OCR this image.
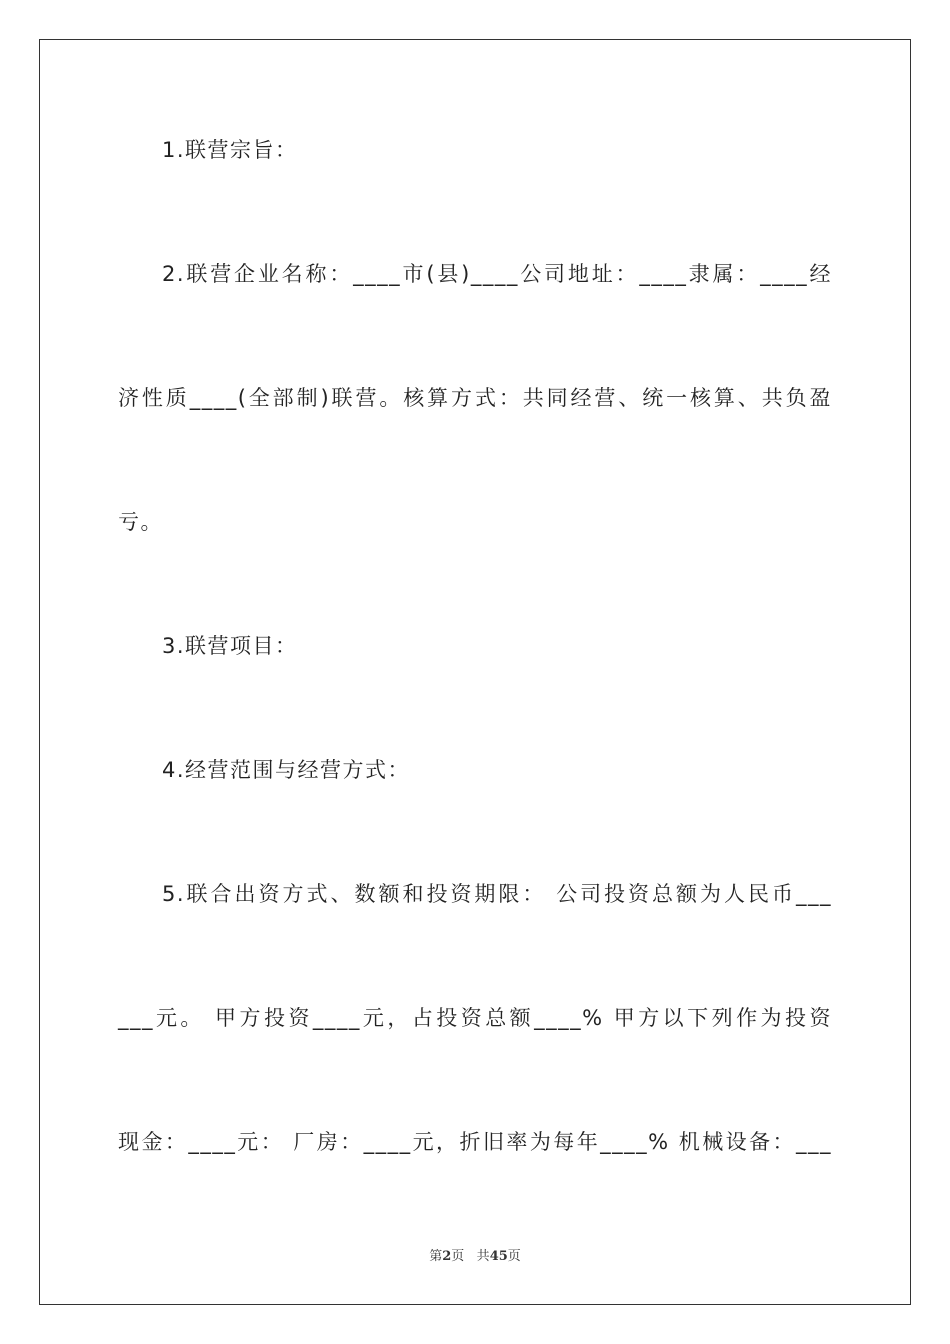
1.联营宗旨：
2.联营企业名称：____市(县)____公司地址：____隶属：____经
济性质____(全部制)联营。核算方式：共同经营、统一核算、共负盈
亏。
3.联营项目：
4.经营范围与经营方式：
5.联合出资方式、数额和投资期限： 公司投资总额为人民币___
___元。 甲方投资____元，占投资总额____% 甲方以下列作为投资
现金：____元： 厂房：____元，折旧率为每年____% 机械设备：___
第2页 共45页
